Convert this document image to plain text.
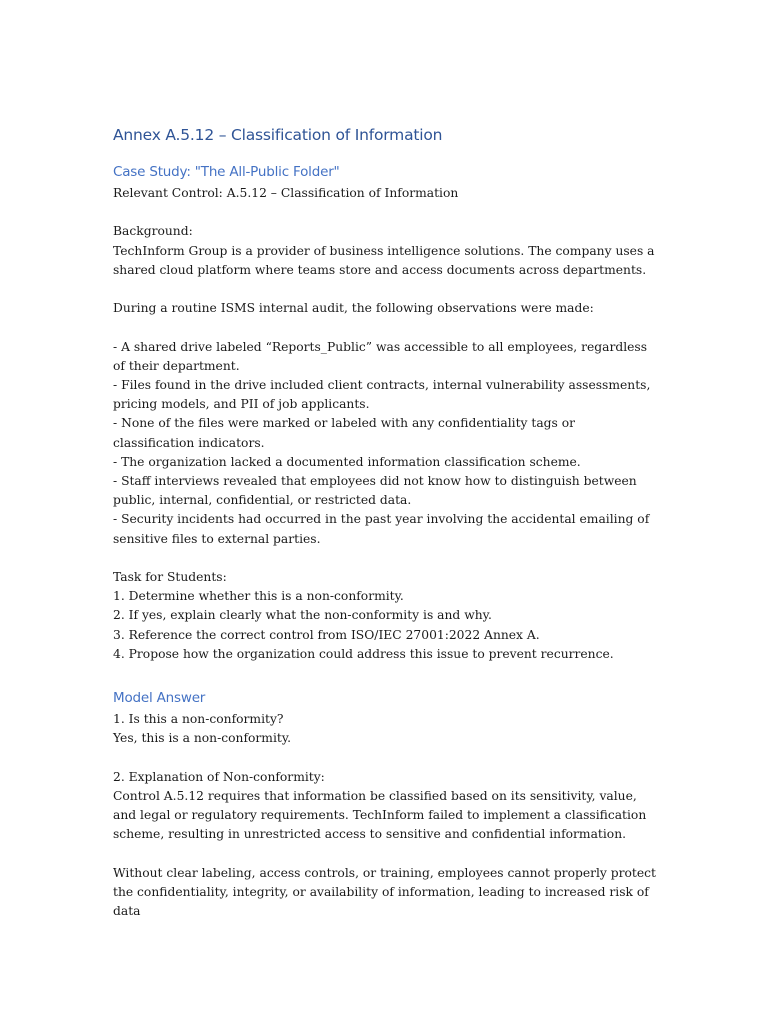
Annex A.5.12 – Classification of Information
Case Study: "The All-Public Folder"
Relevant Control: A.5.12 – Classification of Information
Background:
TechInform Group is a provider of business intelligence solutions. The company uses a shared cloud platform where teams store and access documents across departments.
During a routine ISMS internal audit, the following observations were made:
- A shared drive labeled “Reports_Public” was accessible to all employees, regardless of their department.
- Files found in the drive included client contracts, internal vulnerability assessments, pricing models, and PII of job applicants.
- None of the files were marked or labeled with any confidentiality tags or classification indicators.
- The organization lacked a documented information classification scheme.
- Staff interviews revealed that employees did not know how to distinguish between public, internal, confidential, or restricted data.
- Security incidents had occurred in the past year involving the accidental emailing of sensitive files to external parties.
Task for Students:
1. Determine whether this is a non-conformity.
2. If yes, explain clearly what the non-conformity is and why.
3. Reference the correct control from ISO/IEC 27001:2022 Annex A.
4. Propose how the organization could address this issue to prevent recurrence.
Model Answer
1. Is this a non-conformity?
Yes, this is a non-conformity.
2. Explanation of Non-conformity:
Control A.5.12 requires that information be classified based on its sensitivity, value, and legal or regulatory requirements. TechInform failed to implement a classification scheme, resulting in unrestricted access to sensitive and confidential information.
Without clear labeling, access controls, or training, employees cannot properly protect the confidentiality, integrity, or availability of information, leading to increased risk of data
